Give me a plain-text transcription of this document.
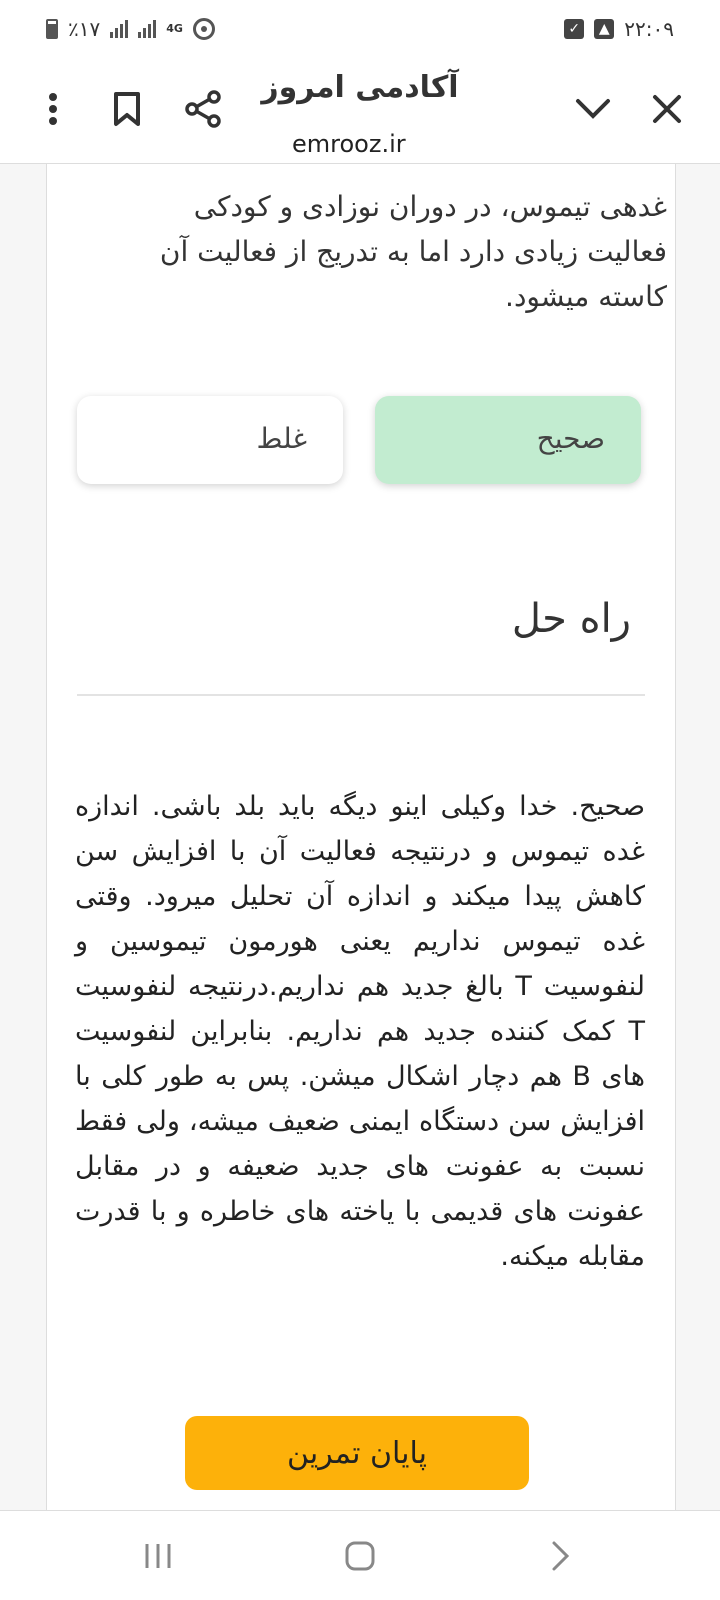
٪۱۷	4G	✓	▲ ۲۲:۰۹
آکادمی امروز
emrooz.ir
غدهی تیموس، در دوران نوزادی و کودکی فعالیت زیادی دارد اما به تدریج از فعالیت آن کاسته میشود.
صحیح
غلط
راه حل
صحیح. خدا وکیلی اینو دیگه باید بلد باشی. اندازه غده تیموس و درنتیجه فعالیت آن با افزایش سن کاهش پیدا میکند و اندازه آن تحلیل میرود. وقتی غده تیموس نداریم یعنی هورمون تیموسین و لنفوسیت T بالغ جدید هم نداریم.درنتیجه لنفوسیت T کمک کننده جدید هم نداریم. بنابراین لنفوسیت های B هم دچار اشکال میشن. پس به طور کلی با افزایش سن دستگاه ایمنی ضعیف میشه، ولی فقط نسبت به عفونت های جدید ضعیفه و در مقابل عفونت های قدیمی با یاخته های خاطره و با قدرت مقابله میکنه.
پایان تمرین
